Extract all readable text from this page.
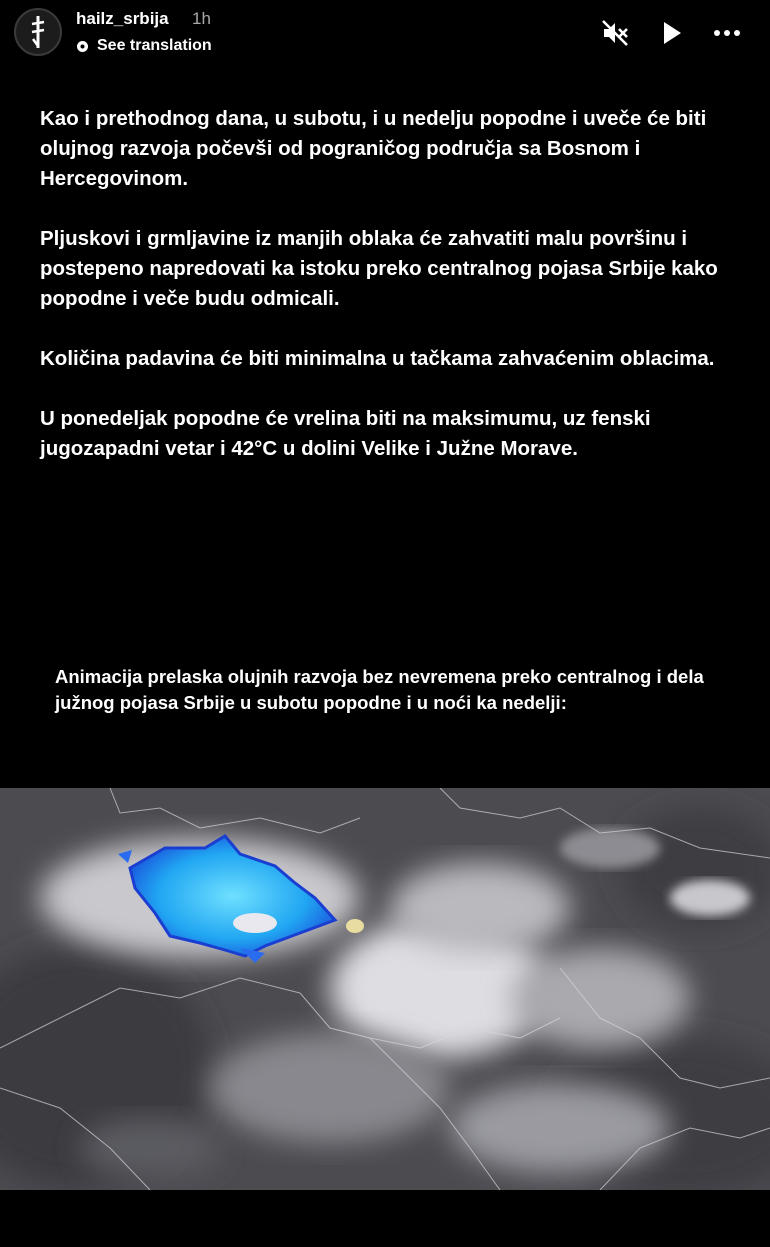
hailz_srbija 1h
See translation

Kao i prethodnog dana, u subotu, i u nedelju popodne i uveče će biti olujnog razvoja počevši od pograničog područja sa Bosnom i Hercegovinom.

Pljuskovi i grmljavine iz manjih oblaka će zahvatiti malu površinu i postepeno napredovati ka istoku preko centralnog pojasa Srbije kako popodne i veče budu odmicali.

Količina padavina će biti minimalna u tačkama zahvaćenim oblacima.

U ponedeljak popodne će vrelina biti na maksimumu, uz fenski jugozapadni vetar i 42°C u dolini Velike i Južne Morave.

Animacija prelaska olujnih razvoja bez nevremena preko centralnog i dela južnog pojasa Srbije u subotu popodne i u noći ka nedelji:
